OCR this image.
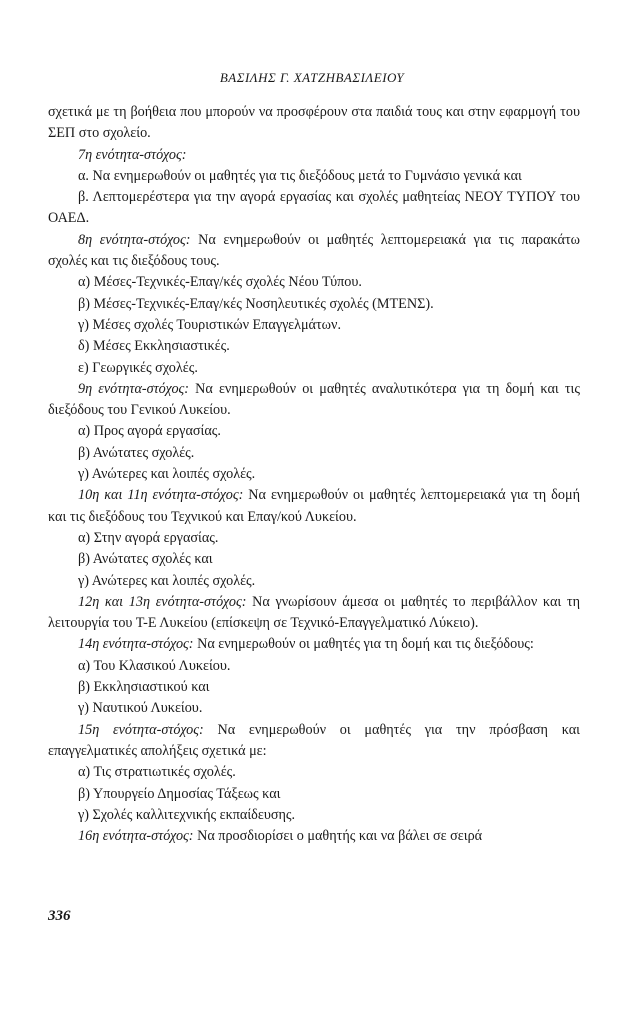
ΒΑΣΙΛΗΣ Γ. ΧΑΤΖΗΒΑΣΙΛΕΙΟΥ

σχετικά με τη βοήθεια που μπορούν να προσφέρουν στα παιδιά τους και στην εφαρμογή του ΣΕΠ στο σχολείο.

7η ενότητα-στόχος:

α. Να ενημερωθούν οι μαθητές για τις διεξόδους μετά το Γυμνάσιο γενικά και

β. Λεπτομερέστερα για την αγορά εργασίας και σχολές μαθητείας ΝΕΟΥ ΤΥΠΟΥ του ΟΑΕΔ.

8η ενότητα-στόχος: Να ενημερωθούν οι μαθητές λεπτομερειακά για τις παρακάτω σχολές και τις διεξόδους τους.

α) Μέσες-Τεχνικές-Επαγ/κές σχολές Νέου Τύπου.

β) Μέσες-Τεχνικές-Επαγ/κές Νοσηλευτικές σχολές (ΜΤΕΝΣ).

γ) Μέσες σχολές Τουριστικών Επαγγελμάτων.

δ) Μέσες Εκκλησιαστικές.

ε) Γεωργικές σχολές.

9η ενότητα-στόχος: Να ενημερωθούν οι μαθητές αναλυτικότερα για τη δομή και τις διεξόδους του Γενικού Λυκείου.

α) Προς αγορά εργασίας.

β) Ανώτατες σχολές.

γ) Ανώτερες και λοιπές σχολές.

10η και 11η ενότητα-στόχος: Να ενημερωθούν οι μαθητές λεπτομερειακά για τη δομή και τις διεξόδους του Τεχνικού και Επαγ/κού Λυκείου.

α) Στην αγορά εργασίας.

β) Ανώτατες σχολές και

γ) Ανώτερες και λοιπές σχολές.

12η και 13η ενότητα-στόχος: Να γνωρίσουν άμεσα οι μαθητές το περιβάλλον και τη λειτουργία του Τ-Ε Λυκείου (επίσκεψη σε Τεχνικό-Επαγγελματικό Λύκειο).

14η ενότητα-στόχος: Να ενημερωθούν οι μαθητές για τη δομή και τις διεξόδους:

α) Του Κλασικού Λυκείου.

β) Εκκλησιαστικού και

γ) Ναυτικού Λυκείου.

15η ενότητα-στόχος: Να ενημερωθούν οι μαθητές για την πρόσβαση και επαγγελματικές απολήξεις σχετικά με:

α) Τις στρατιωτικές σχολές.

β) Υπουργείο Δημοσίας Τάξεως και

γ) Σχολές καλλιτεχνικής εκπαίδευσης.

16η ενότητα-στόχος: Να προσδιορίσει ο μαθητής και να βάλει σε σειρά

336
